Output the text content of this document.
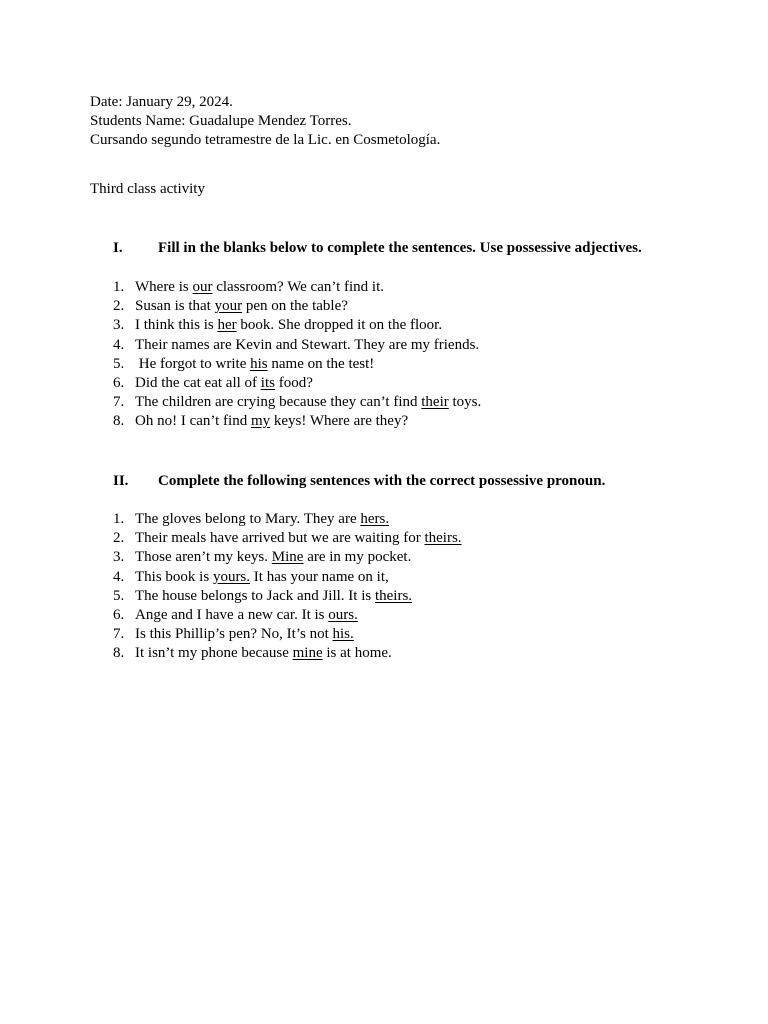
Date: January 29, 2024.
Students Name: Guadalupe Mendez Torres.
Cursando segundo tetramestre de la Lic. en Cosmetología.
Third class activity
I. Fill in the blanks below to complete the sentences. Use possessive adjectives.
1. Where is our classroom? We can’t find it.
2. Susan is that your pen on the table?
3. I think this is her book. She dropped it on the floor.
4. Their names are Kevin and Stewart. They are my friends.
5. He forgot to write his name on the test!
6. Did the cat eat all of its food?
7. The children are crying because they can’t find their toys.
8. Oh no! I can’t find my keys! Where are they?
II. Complete the following sentences with the correct possessive pronoun.
1. The gloves belong to Mary. They are hers.
2. Their meals have arrived but we are waiting for theirs.
3. Those aren’t my keys. Mine are in my pocket.
4. This book is yours. It has your name on it,
5. The house belongs to Jack and Jill. It is theirs.
6. Ange and I have a new car. It is ours.
7. Is this Phillip’s pen? No, It’s not his.
8. It isn’t my phone because mine is at home.
